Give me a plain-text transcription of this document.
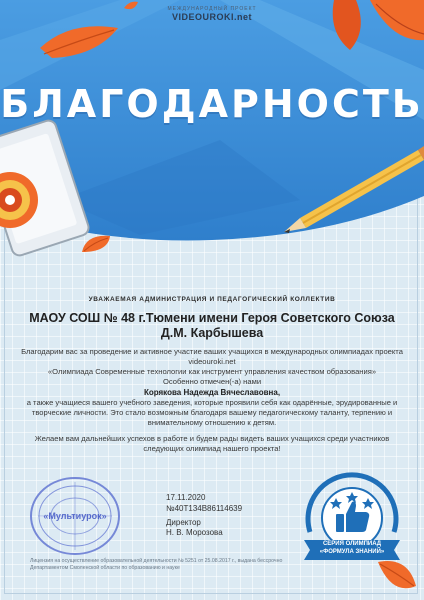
МЕЖДУНАРОДНЫЙ ПРОЕКТ
VIDEOUROKI.net
БЛАГОДАРНОСТЬ
УВАЖАЕМАЯ АДМИНИСТРАЦИЯ И ПЕДАГОГИЧЕСКИЙ КОЛЛЕКТИВ
МАОУ СОШ № 48 г.Тюмени имени Героя Советского Союза Д.М. Карбышева
Благодарим вас за проведение и активное участие ваших учащихся в международных олимпиадах проекта videouroki.net
«Олимпиада Современные технологии как инструмент управления качеством образования»
Особенно отмечен(-а) нами
Корякова Надежда Вячеславовна,
а также учащиеся вашего учебного заведения, которые проявили себя как одарённые, эрудированные и творческие личности. Это стало возможным благодаря вашему педагогическому таланту, терпению и внимательному отношению к детям.
Желаем вам дальнейших успехов в работе и будем рады видеть ваших учащихся среди участников следующих олимпиад нашего проекта!
«Мультиурок»
17.11.2020
№40Т134В86114639
Директор
Н. В. Морозова
Лицензия на осуществление образовательной деятельности № 5251 от 25.08.2017 г., выдана бессрочно Департаментом Смоленской области по образованию и науке
СЕРИЯ ОЛИМПИАД
«ФОРМУЛА ЗНАНИЙ»
